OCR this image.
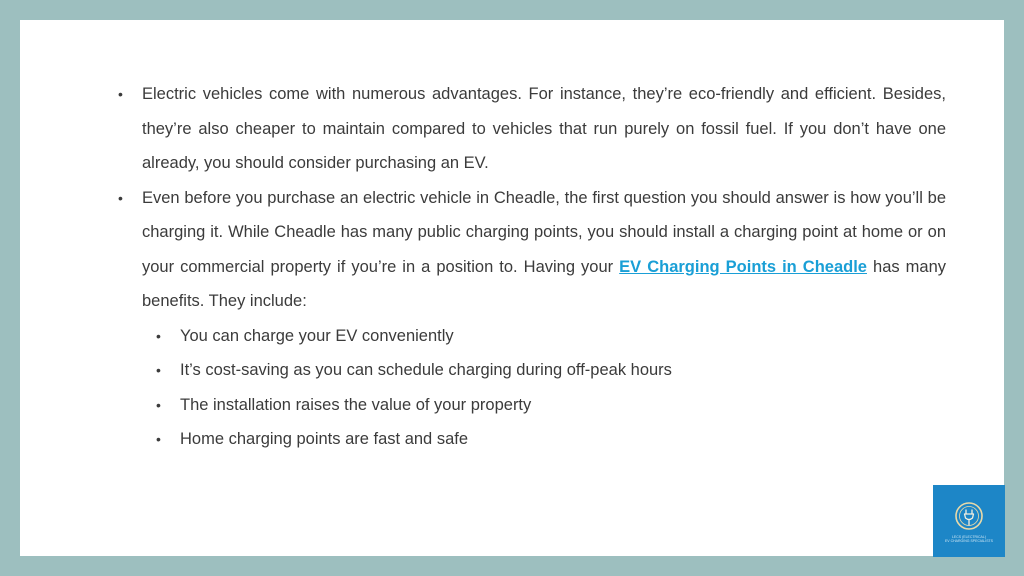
• Electric vehicles come with numerous advantages. For instance, they’re eco-friendly and efficient. Besides, they’re also cheaper to maintain compared to vehicles that run purely on fossil fuel. If you don’t have one already, you should consider purchasing an EV.
• Even before you purchase an electric vehicle in Cheadle, the first question you should answer is how you’ll be charging it. While Cheadle has many public charging points, you should install a charging point at home or on your commercial property if you’re in a position to. Having your EV Charging Points in Cheadle has many benefits. They include:
• You can charge your EV conveniently
• It’s cost-saving as you can schedule charging during off-peak hours
• The installation raises the value of your property
• Home charging points are fast and safe
LECS (ELECTRICAL)
EV CHARGING SPECIALISTS
